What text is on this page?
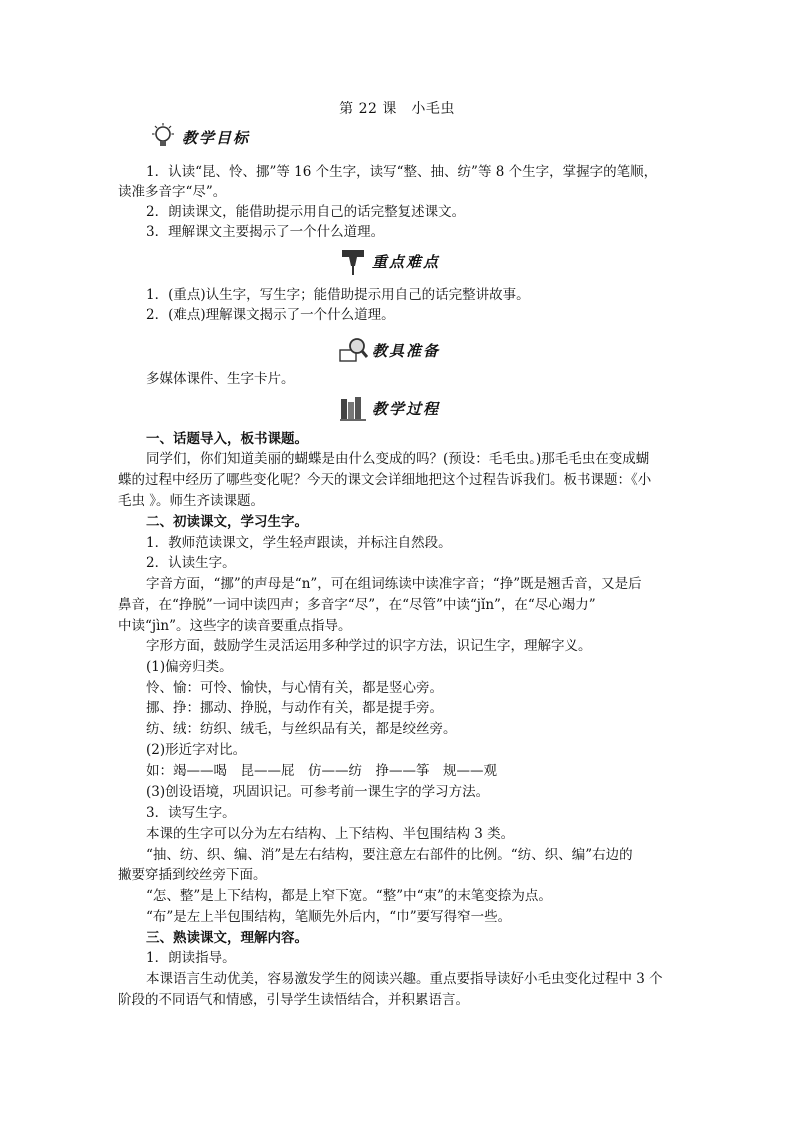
第 22 课　小毛虫
教学目标
1．认读“昆、怜、挪”等 16 个生字，读写“整、抽、纺”等 8 个生字，掌握字的笔顺，
读准多音字“尽”。
2．朗读课文，能借助提示用自己的话完整复述课文。
3．理解课文主要揭示了一个什么道理。
重点难点
1．(重点)认生字，写生字；能借助提示用自己的话完整讲故事。
2．(难点)理解课文揭示了一个什么道理。
教具准备
多媒体课件、生字卡片。
教学过程
一、话题导入，板书课题。
同学们，你们知道美丽的蝴蝶是由什么变成的吗？(预设：毛毛虫。)那毛毛虫在变成蝴
蝶的过程中经历了哪些变化呢？今天的课文会详细地把这个过程告诉我们。板书课题：《小
毛虫 》。师生齐读课题。
二、初读课文，学习生字。
1．教师范读课文，学生轻声跟读，并标注自然段。
2．认读生字。
字音方面，“挪”的声母是“n”，可在组词练读中读准字音；“挣”既是翘舌音，又是后
鼻音，在“挣脱”一词中读四声；多音字“尽”，在“尽管”中读“jǐn”，在“尽心竭力”
中读“jìn”。这些字的读音要重点指导。
字形方面，鼓励学生灵活运用多种学过的识字方法，识记生字，理解字义。
(1)偏旁归类。
怜、愉：可怜、愉快，与心情有关，都是竖心旁。
挪、挣：挪动、挣脱，与动作有关，都是提手旁。
纺、绒：纺织、绒毛，与丝织品有关，都是绞丝旁。
(2)形近字对比。
如：竭——喝　昆——屁　仿——纺　挣——筝　规——观
(3)创设语境，巩固识记。可参考前一课生字的学习方法。
3．读写生字。
本课的生字可以分为左右结构、上下结构、半包围结构 3 类。
“抽、纺、织、编、消”是左右结构，要注意左右部件的比例。“纺、织、编”右边的
撇要穿插到绞丝旁下面。
“怎、整”是上下结构，都是上窄下宽。“整”中“束”的末笔变捺为点。
“布”是左上半包围结构，笔顺先外后内，“巾”要写得窄一些。
三、熟读课文，理解内容。
1．朗读指导。
本课语言生动优美，容易激发学生的阅读兴趣。重点要指导读好小毛虫变化过程中 3 个
阶段的不同语气和情感，引导学生读悟结合，并积累语言。
